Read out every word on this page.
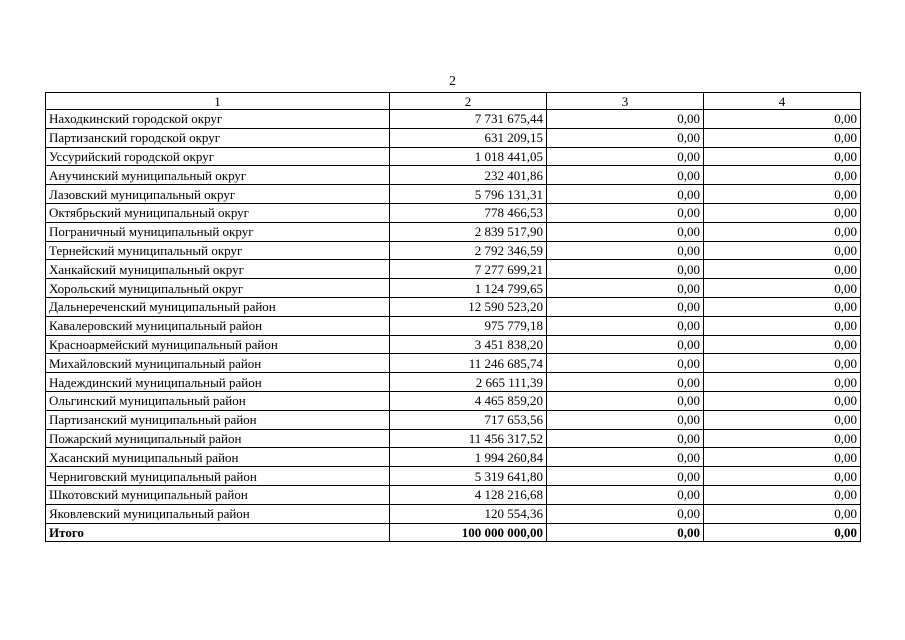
2
1	2	3	4
Находкинский городской округ	7 731 675,44	0,00	0,00
Партизанский городской округ	631 209,15	0,00	0,00
Уссурийский городской округ	1 018 441,05	0,00	0,00
Анучинский муниципальный округ	232 401,86	0,00	0,00
Лазовский муниципальный округ	5 796 131,31	0,00	0,00
Октябрьский муниципальный округ	778 466,53	0,00	0,00
Пограничный муниципальный округ	2 839 517,90	0,00	0,00
Тернейский муниципальный округ	2 792 346,59	0,00	0,00
Ханкайский муниципальный округ	7 277 699,21	0,00	0,00
Хорольский муниципальный округ	1 124 799,65	0,00	0,00
Дальнереченский муниципальный район	12 590 523,20	0,00	0,00
Кавалеровский муниципальный район	975 779,18	0,00	0,00
Красноармейский муниципальный район	3 451 838,20	0,00	0,00
Михайловский муниципальный район	11 246 685,74	0,00	0,00
Надеждинский муниципальный район	2 665 111,39	0,00	0,00
Ольгинский муниципальный район	4 465 859,20	0,00	0,00
Партизанский муниципальный район	717 653,56	0,00	0,00
Пожарский муниципальный район	11 456 317,52	0,00	0,00
Хасанский муниципальный район	1 994 260,84	0,00	0,00
Черниговский муниципальный район	5 319 641,80	0,00	0,00
Шкотовский муниципальный район	4 128 216,68	0,00	0,00
Яковлевский муниципальный район	120 554,36	0,00	0,00
Итого	100 000 000,00	0,00	0,00
